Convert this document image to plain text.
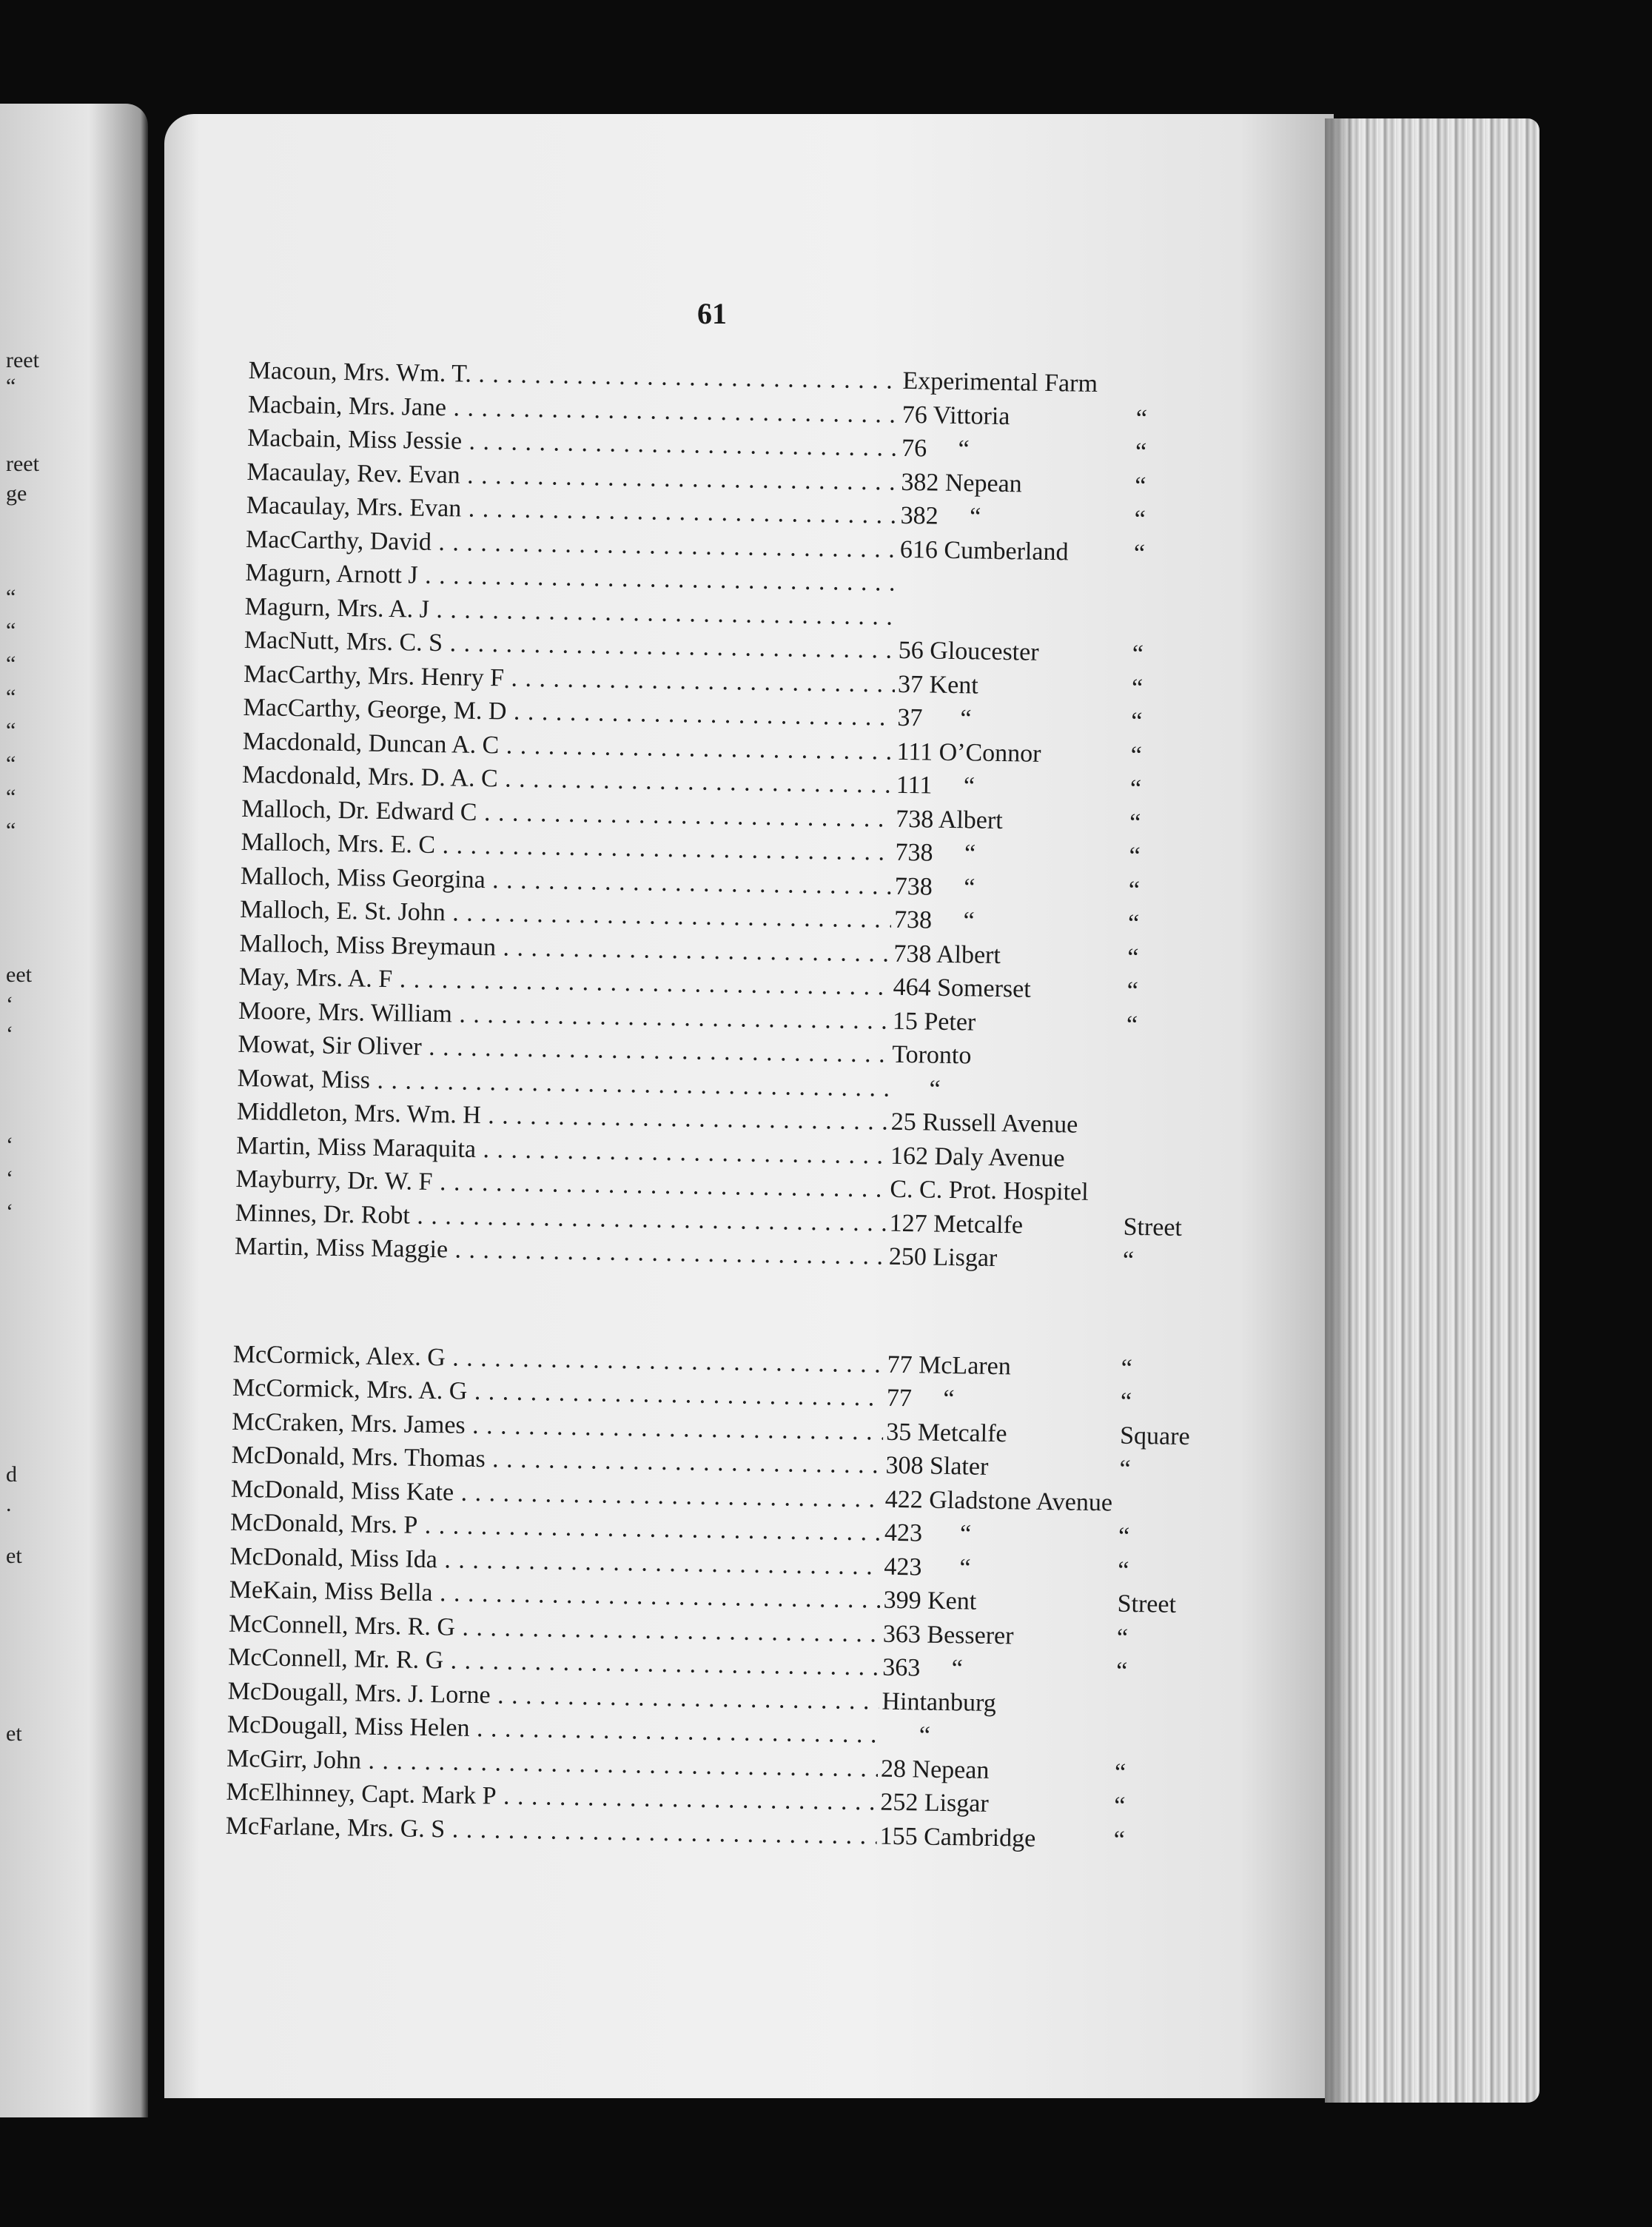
reet
“
reet
ge
“
“
“
“
“
“
“
“
eet
‘
‘
‘
‘
‘
d
.
et
et
61
Macoun, Mrs. Wm. T. . . .	Experimental Farm
Macbain, Mrs. Jane . . .	76 Vittoria	“
Macbain, Miss Jessie . . .	76     “	“
Macaulay, Rev. Evan . . .	382 Nepean	“
Macaulay, Mrs. Evan . . .	382     “	“
MacCarthy, David . . .	616 Cumberland	“
Magurn, Arnott J . . .
Magurn, Mrs. A. J . . .
MacNutt, Mrs. C. S . . .	56 Gloucester	“
MacCarthy, Mrs. Henry F . . .	37 Kent	“
MacCarthy, George, M. D . . .	37      “	“
Macdonald, Duncan A. C . . .	111 O’Connor	“
Macdonald, Mrs. D. A. C . . .	111     “	“
Malloch, Dr. Edward C . . .	738 Albert	“
Malloch, Mrs. E. C . . .	738     “	“
Malloch, Miss Georgina . . .	738     “	“
Malloch, E. St. John . . .	738     “	“
Malloch, Miss Breymaun . . .	738 Albert	“
May, Mrs. A. F . . .	464 Somerset	“
Moore, Mrs. William . . .	15 Peter	“
Mowat, Sir Oliver . . .	Toronto
Mowat, Miss . . .	“
Middleton, Mrs. Wm. H . . .	25 Russell Avenue
Martin, Miss Maraquita . . .	162 Daly Avenue
Mayburry, Dr. W. F . . .	C. C. Prot. Hospitel
Minnes, Dr. Robt . . .	127 Metcalfe	Street
Martin, Miss Maggie . . .	250 Lisgar	“
McCormick, Alex. G . . .	77 McLaren	“
McCormick, Mrs. A. G . . .	77     “	“
McCraken, Mrs. James . . .	35 Metcalfe	Square
McDonald, Mrs. Thomas . . .	308 Slater	“
McDonald, Miss Kate . . .	422 Gladstone Avenue
McDonald, Mrs. P . . .	423      “	“
McDonald, Miss Ida . . .	423      “	“
MeKain, Miss Bella . . .	399 Kent	Street
McConnell, Mrs. R. G . . .	363 Besserer	“
McConnell, Mr. R. G . . .	363     “	“
McDougall, Mrs. J. Lorne . . .	Hintanburg
McDougall, Miss Helen . . .	“
McGirr, John . . .	28 Nepean	“
McElhinney, Capt. Mark P . . .	252 Lisgar	“
McFarlane, Mrs. G. S . . .	155 Cambridge	“
